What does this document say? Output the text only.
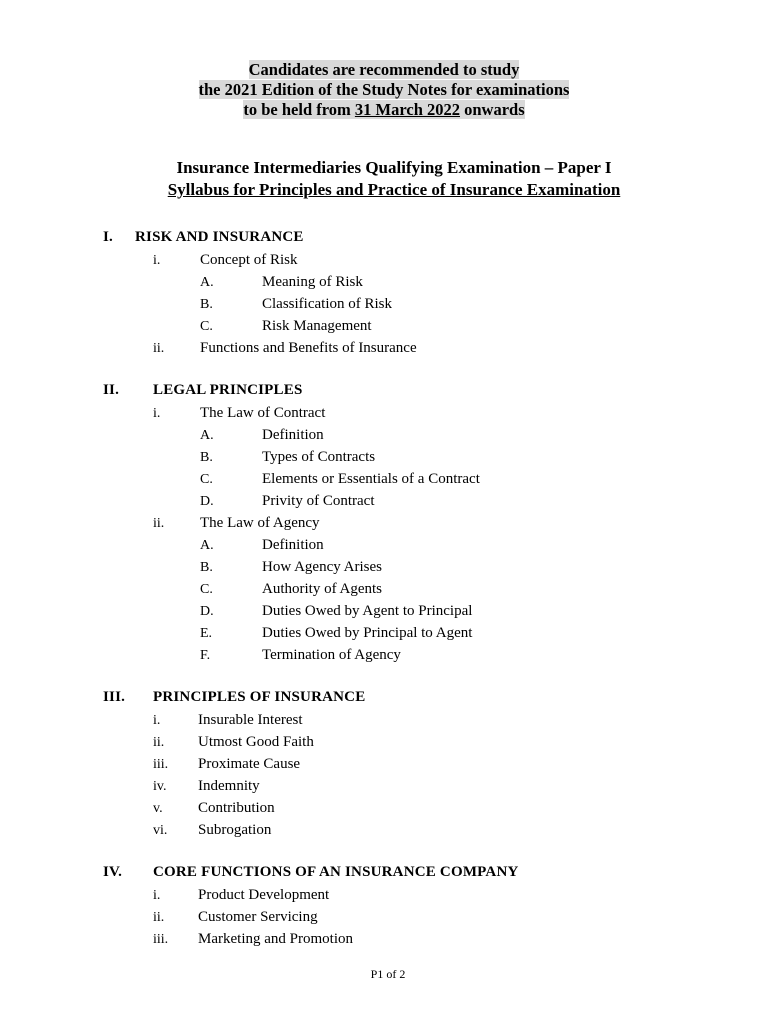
Candidates are recommended to study
the 2021 Edition of the Study Notes for examinations
to be held from 31 March 2022 onwards
Insurance Intermediaries Qualifying Examination – Paper I
Syllabus for Principles and Practice of Insurance Examination
I. RISK AND INSURANCE
i.	Concept of Risk
A.	Meaning of Risk
B.	Classification of Risk
C.	Risk Management
ii. Functions and Benefits of Insurance
II. LEGAL PRINCIPLES
i.	The Law of Contract
A.	Definition
B.	Types of Contracts
C.	Elements or Essentials of a Contract
D.	Privity of Contract
ii. The Law of Agency
A.	Definition
B.	How Agency Arises
C.	Authority of Agents
D.	Duties Owed by Agent to Principal
E.	Duties Owed by Principal to Agent
F.	Termination of Agency
III. PRINCIPLES OF INSURANCE
i.	Insurable Interest
ii. Utmost Good Faith
iii. Proximate Cause
iv. Indemnity
v. Contribution
vi. Subrogation
IV. CORE FUNCTIONS OF AN INSURANCE COMPANY
i.	Product Development
ii. Customer Servicing
iii. Marketing and Promotion
P1 of 2
